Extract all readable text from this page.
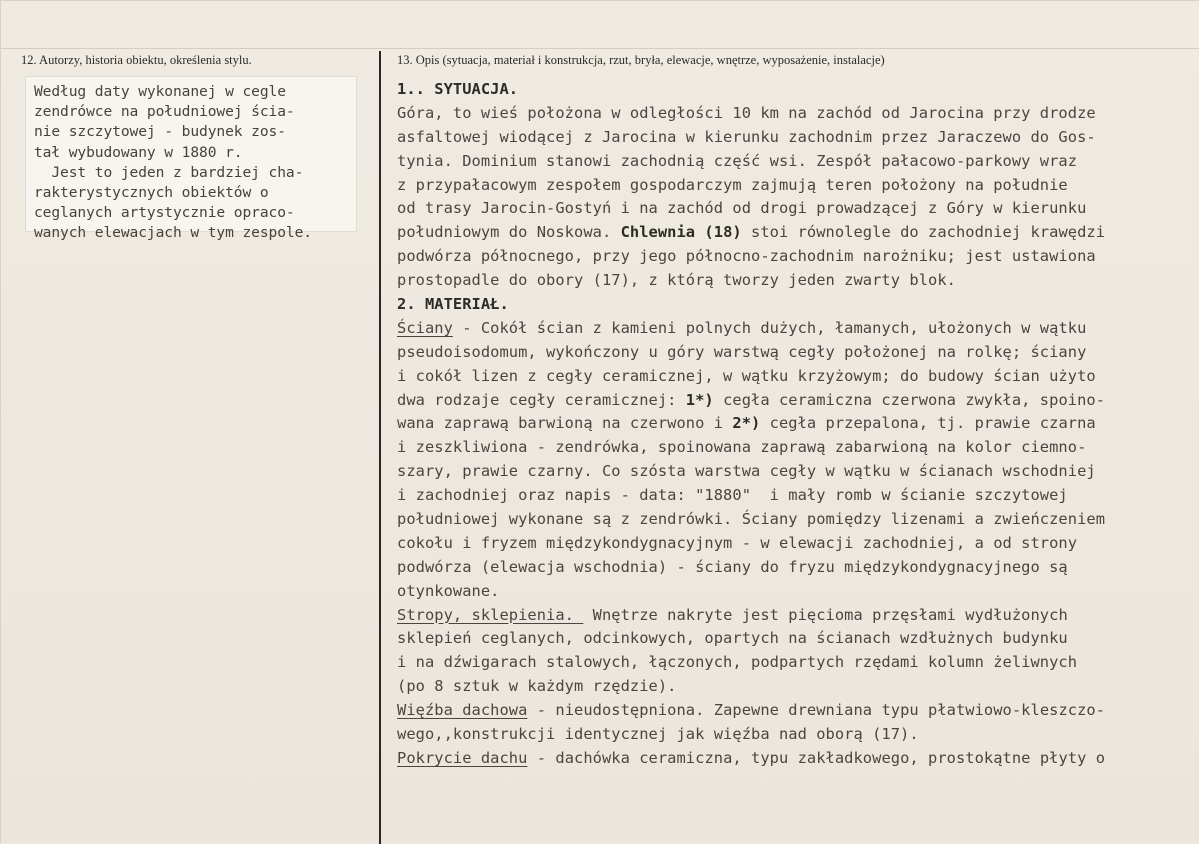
12. Autorzy, historia obiektu, określenia stylu.	13. Opis (sytuacja, materiał i konstrukcja, rzut, bryła, elewacje, wnętrze, wyposażenie, instalacje)
Według daty wykonanej w cegle
zendrówce na południowej ścia-
nie szczytowej - budynek zos-
tał wybudowany w 1880 r.
Jest to jeden z bardziej cha-
rakterystycznych obiektów o
ceglanych artystycznie opraco-
wanych elewacjach w tym zespole.
1.. SYTUACJA.
Góra, to wieś położona w odległości 10 km na zachód od Jarocina przy drodze
asfaltowej wiodącej z Jarocina w kierunku zachodnim przez Jaraczewo do Gos-
tynia. Dominium stanowi zachodnią część wsi. Zespół pałacowo-parkowy wraz
z przypałacowym zespołem gospodarczym zajmują teren położony na południe
od trasy Jarocin-Gostyń i na zachód od drogi prowadzącej z Góry w kierunku
południowym do Noskowa. Chlewnia (18) stoi równolegle do zachodniej krawędzi
podwórza północnego, przy jego północno-zachodnim narożniku; jest ustawiona
prostopadle do obory (17), z którą tworzy jeden zwarty blok.
2. MATERIAŁ.
Ściany - Cokół ścian z kamieni polnych dużych, łamanych, ułożonych w wątku
pseudoisodomum, wykończony u góry warstwą cegły położonej na rolkę; ściany
i cokół lizen z cegły ceramicznej, w wątku krzyżowym; do budowy ścian użyto
dwa rodzaje cegły ceramicznej: 1*) cegła ceramiczna czerwona zwykła, spoino-
wana zaprawą barwioną na czerwono i 2*) cegła przepalona, tj. prawie czarna
i zeszkliwiona - zendrówka, spoinowana zaprawą zabarwioną na kolor ciemno-
szary, prawie czarny. Co szósta warstwa cegły w wątku w ścianach wschodniej
i zachodniej oraz napis - data: "1880"  i mały romb w ścianie szczytowej
południowej wykonane są z zendrówki. Ściany pomiędzy lizenami a zwieńczeniem
cokołu i fryzem międzykondygnacyjnym - w elewacji zachodniej, a od strony
podwórza (elewacja wschodnia) - ściany do fryzu międzykondygnacyjnego są
otynkowane.
Stropy, sklepienia.  Wnętrze nakryte jest pięcioma przęsłami wydłużonych
sklepień ceglanych, odcinkowych, opartych na ścianach wzdłużnych budynku
i na dźwigarach stalowych, łączonych, podpartych rzędami kolumn żeliwnych
(po 8 sztuk w każdym rzędzie).
Więźba dachowa - nieudostępniona. Zapewne drewniana typu płatwiowo-kleszczo-
wego,,konstrukcji identycznej jak więźba nad oborą (17).
Pokrycie dachu - dachówka ceramiczna, typu zakładkowego, prostokątne płyty o
